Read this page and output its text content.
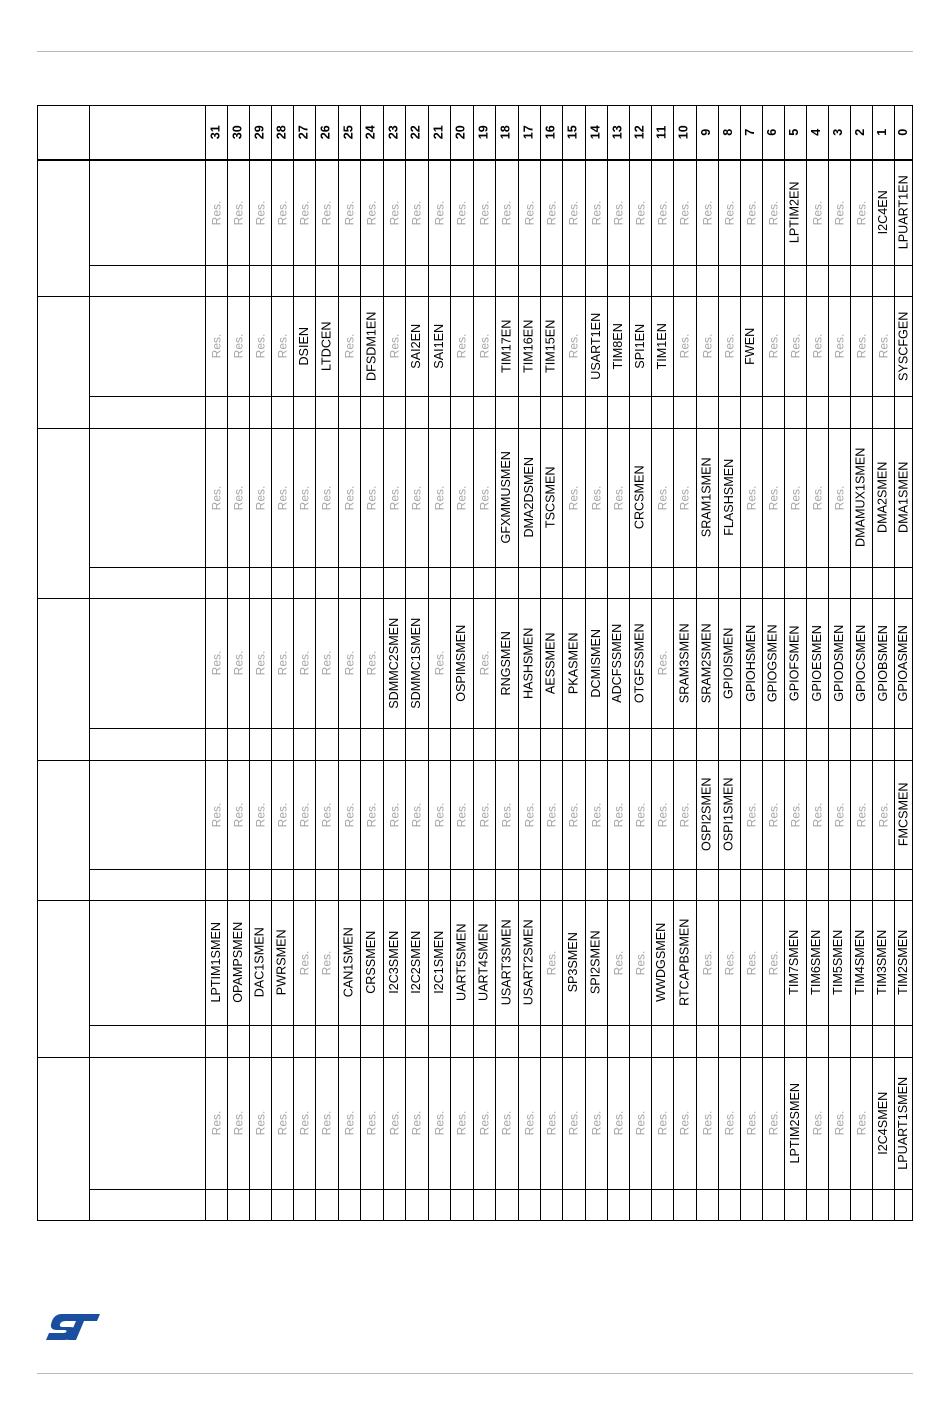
31 30 29 28 27 26 25 24 23 22 21 20 19 18 17 16 15 14 13 12 11 10 9 8 7 6 5 4 3 2 1 0
Res. Res. Res. Res. Res. Res. Res. Res. Res. Res. Res. Res. Res. Res. Res. Res. Res. Res. Res. Res. Res. Res. Res. Res. Res. Res. LPTIM2EN Res. Res. Res. I2C4EN LPUART1EN
Res. Res. Res. Res. DSIEN LTDCEN Res. DFSDM1EN Res. SAI2EN SAI1EN Res. Res. TIM17EN TIM16EN TIM15EN Res. USART1EN TIM8EN SPI1EN TIM1EN Res. Res. Res. FWEN Res. Res. Res. Res. Res. Res. SYSCFGEN
Res. Res. Res. Res. Res. Res. Res. Res. Res. Res. Res. Res. Res. GFXMMUSMEN DMA2DSMEN TSCSMEN Res. Res. Res. CRCSMEN Res. Res. SRAM1SMEN FLASHSMEN Res. Res. Res. Res. Res. DMAMUX1SMEN DMA2SMEN DMA1SMEN
Res. Res. Res. Res. Res. Res. Res. Res. SDMMC2SMEN SDMMC1SMEN Res. OSPIMSMEN Res. RNGSMEN HASHSMEN AESSMEN PKASMEN DCMISMEN ADCFSSMEN OTGFSSMEN Res. SRAM3SMEN SRAM2SMEN GPIOISMEN GPIOHSMEN GPIOGSMEN GPIOFSMEN GPIOESMEN GPIODSMEN GPIOCSMEN GPIOBSMEN GPIOASMEN
Res. Res. Res. Res. Res. Res. Res. Res. Res. Res. Res. Res. Res. Res. Res. Res. Res. Res. Res. Res. Res. Res. OSPI2SMEN OSPI1SMEN Res. Res. Res. Res. Res. Res. Res. FMCSMEN
LPTIM1SMEN OPAMPSMEN DAC1SMEN PWRSMEN Res. Res. CAN1SMEN CRSSMEN I2C3SMEN I2C2SMEN I2C1SMEN UART5SMEN UART4SMEN USART3SMEN USART2SMEN Res. SP3SMEN SPI2SMEN Res. Res. WWDGSMEN RTCAPBSMEN Res. Res. Res. Res. TIM7SMEN TIM6SMEN TIM5SMEN TIM4SMEN TIM3SMEN TIM2SMEN
Res. Res. Res. Res. Res. Res. Res. Res. Res. Res. Res. Res. Res. Res. Res. Res. Res. Res. Res. Res. Res. Res. Res. Res. Res. Res. LPTIM2SMEN Res. Res. Res. I2C4SMEN LPUART1SMEN
